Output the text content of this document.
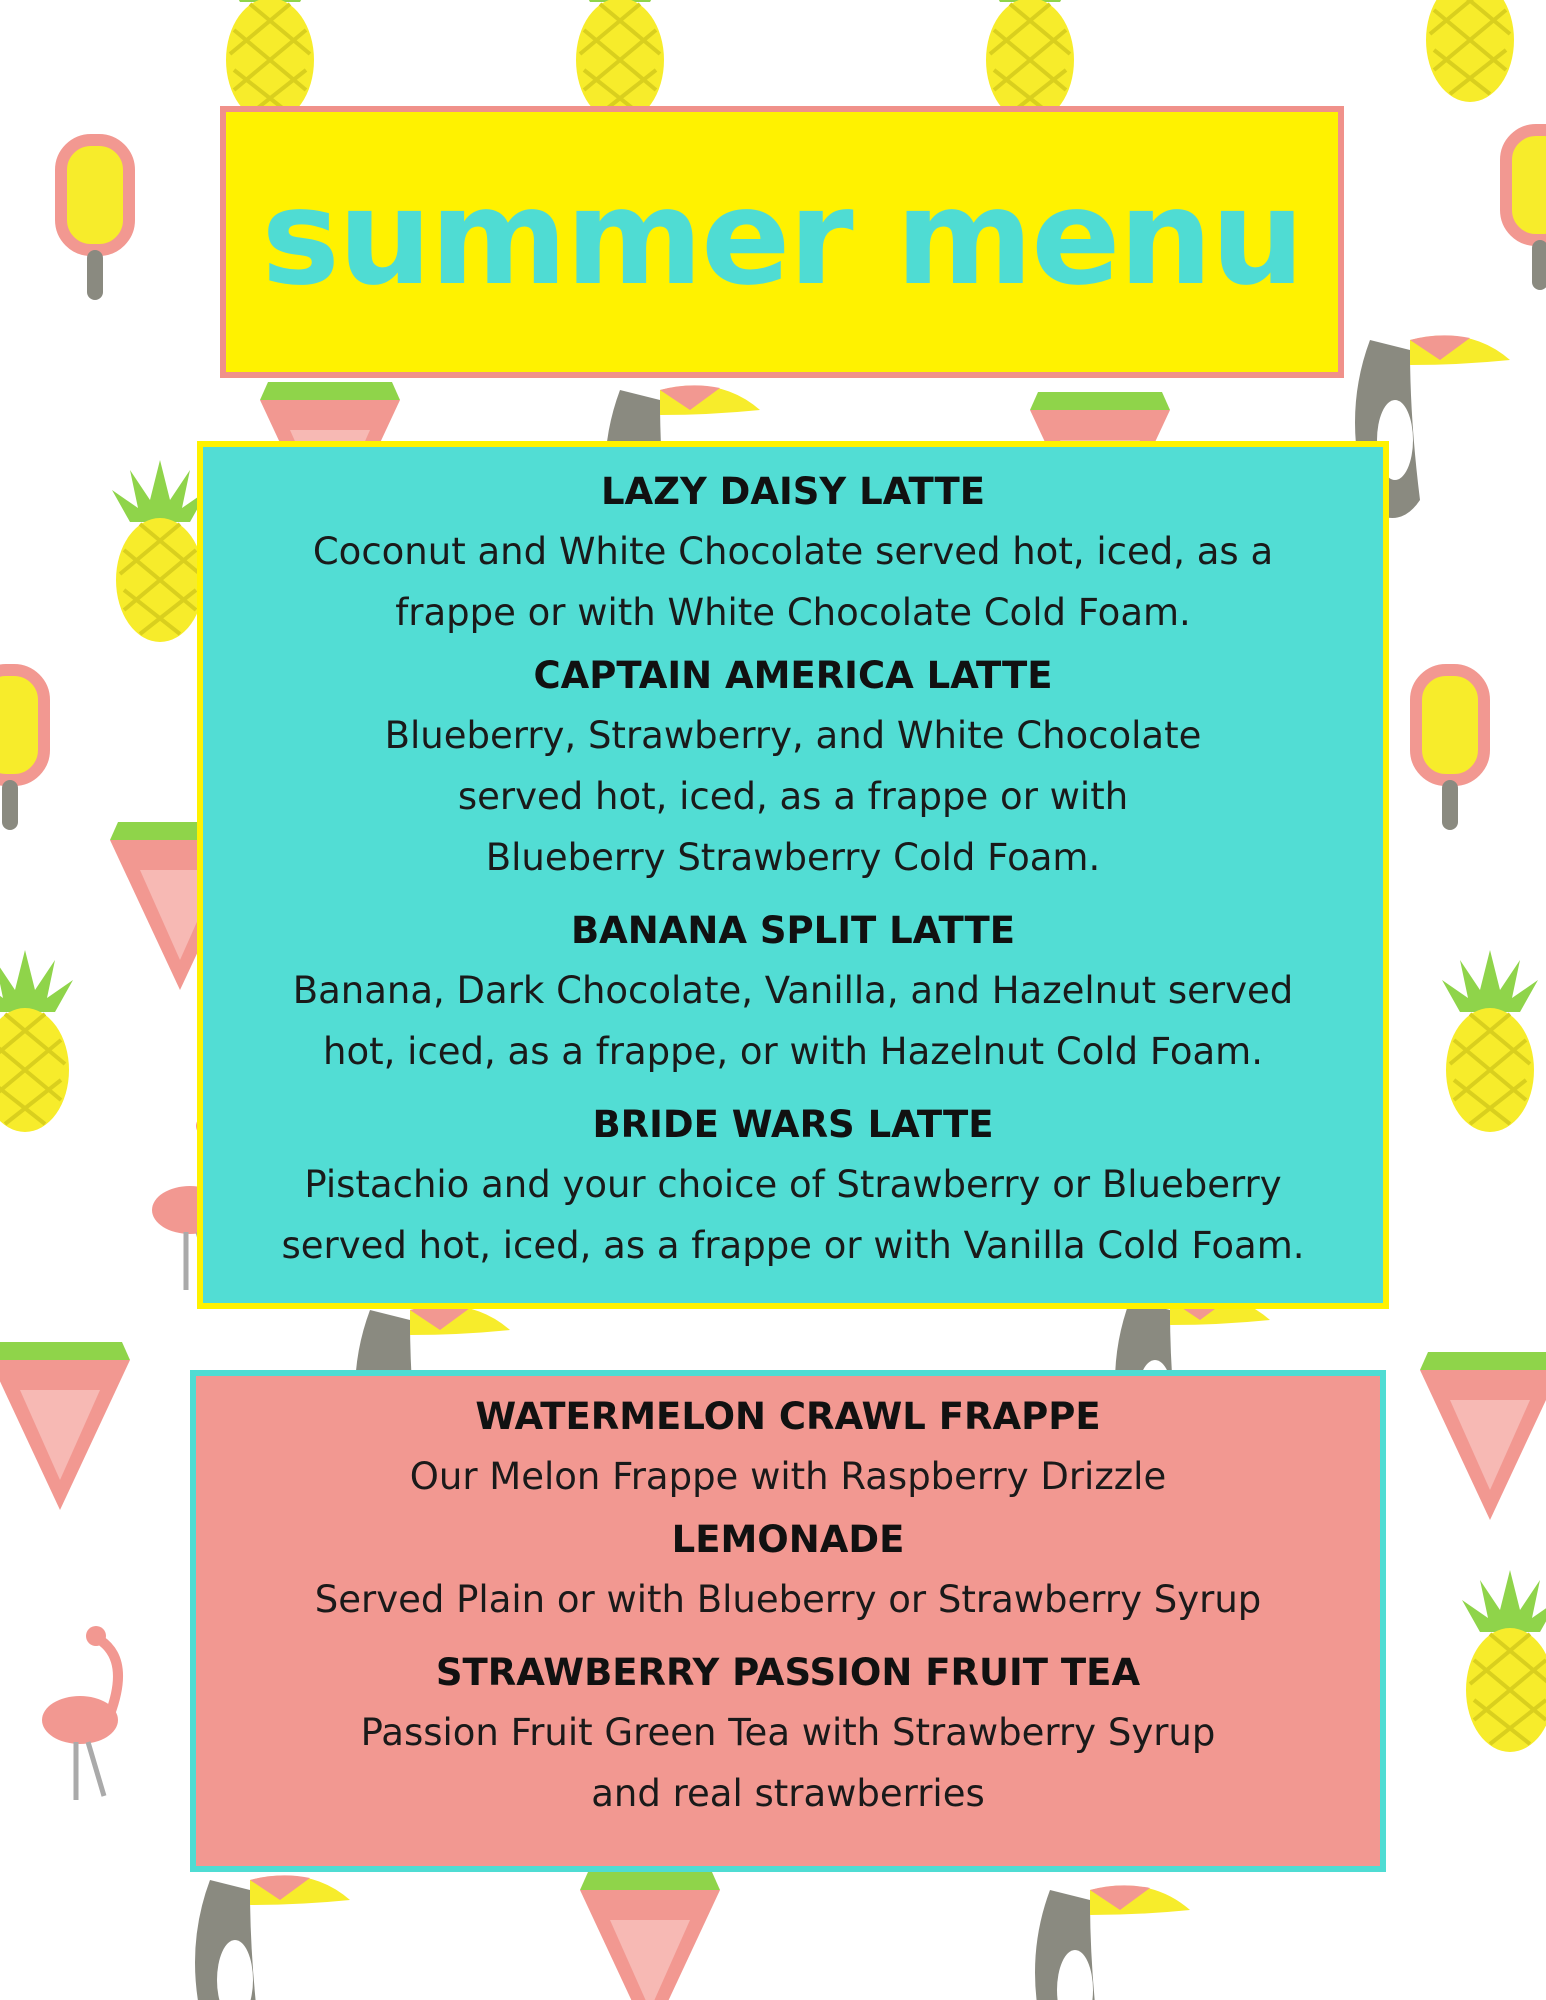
summer menu
LAZY DAISY LATTE
Coconut and White Chocolate served hot, iced, as a
frappe or with White Chocolate Cold Foam.
CAPTAIN AMERICA LATTE
Blueberry, Strawberry, and White Chocolate
served hot, iced, as a frappe or with
Blueberry Strawberry Cold Foam.
BANANA SPLIT LATTE
Banana, Dark Chocolate, Vanilla, and Hazelnut served
hot, iced, as a frappe, or with Hazelnut Cold Foam.
BRIDE WARS LATTE
Pistachio and your choice of Strawberry or Blueberry
served hot, iced, as a frappe or with Vanilla Cold Foam.
WATERMELON CRAWL FRAPPE
Our Melon Frappe with Raspberry Drizzle
LEMONADE
Served Plain or with Blueberry or Strawberry Syrup
STRAWBERRY PASSION FRUIT TEA
Passion Fruit Green Tea with Strawberry Syrup
and real strawberries
